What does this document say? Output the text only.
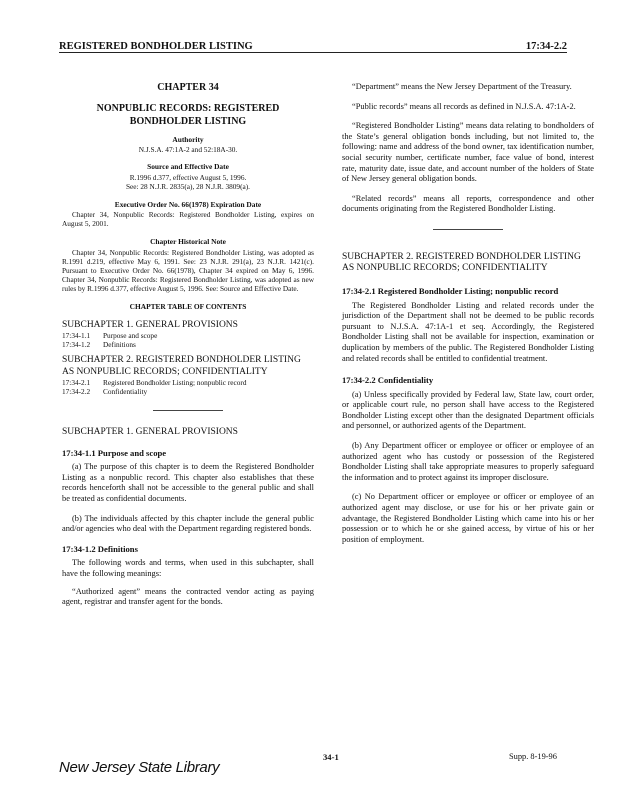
REGISTERED BONDHOLDER LISTING	17:34-2.2
CHAPTER 34
NONPUBLIC RECORDS: REGISTERED BONDHOLDER LISTING
Authority
N.J.S.A. 47:1A-2 and 52:18A-30.
Source and Effective Date
R.1996 d.377, effective August 5, 1996.
See: 28 N.J.R. 2835(a), 28 N.J.R. 3809(a).
Executive Order No. 66(1978) Expiration Date

Chapter 34, Nonpublic Records: Registered Bondholder Listing, expires on August 5, 2001.

Chapter Historical Note

Chapter 34, Nonpublic Records: Registered Bondholder Listing, was adopted as R.1991 d.219, effective May 6, 1991. See: 23 N.J.R. 291(a), 23 N.J.R. 1421(c). Pursuant to Executive Order No. 66(1978), Chapter 34 expired on May 6, 1996. Chapter 34, Nonpublic Records: Registered Bondholder Listing, was adopted as new rules by R.1996 d.377, effective August 5, 1996. See: Source and Effective Date.

CHAPTER TABLE OF CONTENTS
SUBCHAPTER 1. GENERAL PROVISIONS
17:34-1.1	Purpose and scope
17:34-1.2	Definitions
SUBCHAPTER 2. REGISTERED BONDHOLDER LISTING AS NONPUBLIC RECORDS; CONFIDENTIALITY
17:34-2.1	Registered Bondholder Listing; nonpublic record
17:34-2.2	Confidentiality
SUBCHAPTER 1. GENERAL PROVISIONS
17:34-1.1 Purpose and scope

(a) The purpose of this chapter is to deem the Registered Bondholder Listing as a nonpublic record. This chapter also establishes that these records henceforth shall not be accessible to the general public and shall be treated as confidential documents.

(b) The individuals affected by this chapter include the general public and/or agencies who deal with the Department regarding registered bonds.

17:34-1.2 Definitions

The following words and terms, when used in this subchapter, shall have the following meanings:

“Authorized agent” means the contracted vendor acting as paying agent, registrar and transfer agent for the bonds.

“Department” means the New Jersey Department of the Treasury.

“Public records” means all records as defined in N.J.S.A. 47:1A-2.

“Registered Bondholder Listing” means data relating to bondholders of the State’s general obligation bonds including, but not limited to, the following: name and address of the bond owner, tax identification number, social security number, certificate number, face value of bond, interest rate, maturity date, issue date, and account number of the holders of State of New Jersey general obligation bonds.

“Related records” means all reports, correspondence and other documents originating from the Registered Bondholder Listing.

SUBCHAPTER 2. REGISTERED BONDHOLDER LISTING AS NONPUBLIC RECORDS; CONFIDENTIALITY
17:34-2.1 Registered Bondholder Listing; nonpublic record

The Registered Bondholder Listing and related records under the jurisdiction of the Department shall not be deemed to be public records pursuant to N.J.S.A. 47:1A-1 et seq. Accordingly, the Registered Bondholder Listing shall not be available for inspection, examination or duplication by members of the public. The Registered Bondholder Listing and related records shall be entitled to confidential treatment.

17:34-2.2 Confidentiality

(a) Unless specifically provided by Federal law, State law, court order, or applicable court rule, no person shall have access to the Registered Bondholder Listing except other than the designated Department officials and personnel, or authorized agents of the Department.

(b) Any Department officer or employee or officer or employee of an authorized agent who has custody or possession of the Registered Bondholder Listing shall take appropriate measures to properly safeguard the information and to protect against its improper disclosure.

(c) No Department officer or employee or officer or employee of an authorized agent may disclose, or use for his or her private gain or advantage, the Registered Bondholder Listing which came into his or her possession or to which he or she gained access, by virtue of his or her position of employment.

New Jersey State Library
34-1	Supp. 8-19-96
